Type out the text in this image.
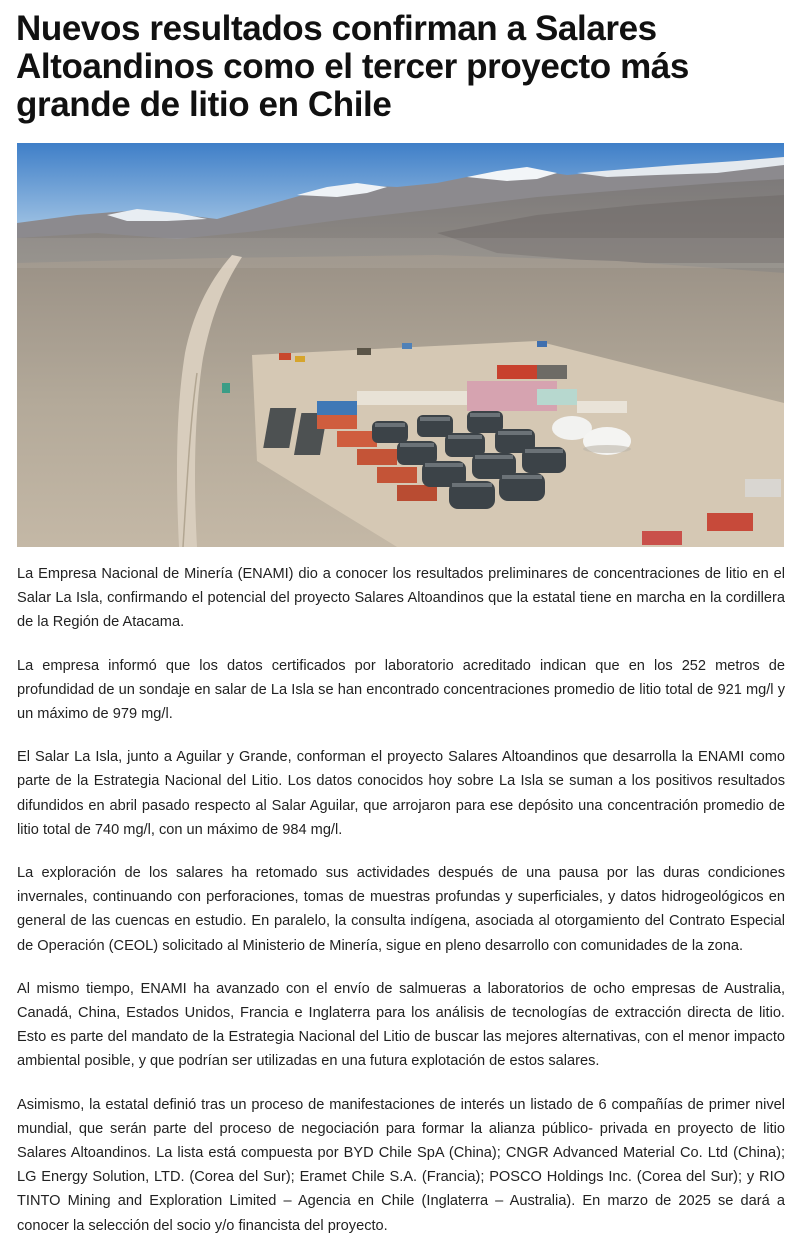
Nuevos resultados confirman a Salares Altoandinos como el tercer proyecto más grande de litio en Chile

La Empresa Nacional de Minería (ENAMI) dio a conocer los resultados preliminares de concentraciones de litio en el Salar La Isla, confirmando el potencial del proyecto Salares Altoandinos que la estatal tiene en marcha en la cordillera de la Región de Atacama.

La empresa informó que los datos certificados por laboratorio acreditado indican que en los 252 metros de profundidad de un sondaje en salar de La Isla se han encontrado concentraciones promedio de litio total de 921 mg/l y un máximo de 979 mg/l.

El Salar La Isla, junto a Aguilar y Grande, conforman el proyecto Salares Altoandinos que desarrolla la ENAMI como parte de la Estrategia Nacional del Litio. Los datos conocidos hoy sobre La Isla se suman a los positivos resultados difundidos en abril pasado respecto al Salar Aguilar, que arrojaron para ese depósito una concentración promedio de litio total de 740 mg/l, con un máximo de 984 mg/l.

La exploración de los salares ha retomado sus actividades después de una pausa por las duras condiciones invernales, continuando con perforaciones, tomas de muestras profundas y superficiales, y datos hidrogeológicos en general de las cuencas en estudio. En paralelo, la consulta indígena, asociada al otorgamiento del Contrato Especial de Operación (CEOL) solicitado al Ministerio de Minería, sigue en pleno desarrollo con comunidades de la zona.

Al mismo tiempo, ENAMI ha avanzado con el envío de salmueras a laboratorios de ocho empresas de Australia, Canadá, China, Estados Unidos, Francia e Inglaterra para los análisis de tecnologías de extracción directa de litio. Esto es parte del mandato de la Estrategia Nacional del Litio de buscar las mejores alternativas, con el menor impacto ambiental posible, y que podrían ser utilizadas en una futura explotación de estos salares.

Asimismo, la estatal definió tras un proceso de manifestaciones de interés un listado de 6 compañías de primer nivel mundial, que serán parte del proceso de negociación para formar la alianza público- privada en proyecto de litio Salares Altoandinos. La lista está compuesta por BYD Chile SpA (China); CNGR Advanced Material Co. Ltd (China); LG Energy Solution, LTD. (Corea del Sur); Eramet Chile S.A. (Francia); POSCO Holdings Inc. (Corea del Sur); y RIO TINTO Mining and Exploration Limited – Agencia en Chile (Inglaterra – Australia). En marzo de 2025 se dará a conocer la selección del socio y/o financista del proyecto.
